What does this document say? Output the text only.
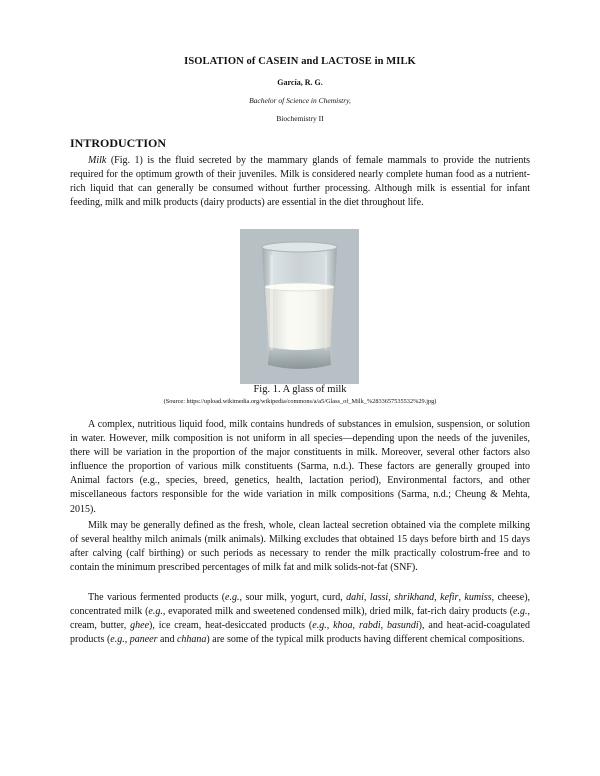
ISOLATION of CASEIN and LACTOSE in MILK
García, R. G.
Bachelor of Science in Chemistry,
Biochemistry II
INTRODUCTION
Milk (Fig. 1) is the fluid secreted by the mammary glands of female mammals to provide the nutrients required for the optimum growth of their juveniles. Milk is considered nearly complete human food as a nutrient-rich liquid that can generally be consumed without further processing. Although milk is essential for infant feeding, milk and milk products (dairy products) are essential in the diet throughout life.
Fig. 1. A glass of milk
(Source: https://upload.wikimedia.org/wikipedia/commons/a/a5/Glass_of_Milk_%2833657535532%29.jpg)
A complex, nutritious liquid food, milk contains hundreds of substances in emulsion, suspension, or solution in water. However, milk composition is not uniform in all species—depending upon the needs of the juveniles, there will be variation in the proportion of the major constituents in milk. Moreover, several other factors also influence the proportion of various milk constituents (Sarma, n.d.). These factors are generally grouped into Animal factors (e.g., species, breed, genetics, health, lactation period), Environmental factors, and other miscellaneous factors responsible for the wide variation in milk compositions (Sarma, n.d.; Cheung & Mehta, 2015).
Milk may be generally defined as the fresh, whole, clean lacteal secretion obtained via the complete milking of several healthy milch animals (milk animals). Milking excludes that obtained 15 days before birth and 15 days after calving (calf birthing) or such periods as necessary to render the milk practically colostrum-free and to contain the minimum prescribed percentages of milk fat and milk solids-not-fat (SNF).
The various fermented products (e.g., sour milk, yogurt, curd, dahi, lassi, shrikhand, kefir, kumiss, cheese), concentrated milk (e.g., evaporated milk and sweetened condensed milk), dried milk, fat-rich dairy products (e.g., cream, butter, ghee), ice cream, heat-desiccated products (e.g., khoa, rabdi, basundi), and heat-acid-coagulated products (e.g., paneer and chhana) are some of the typical milk products having different chemical compositions.
